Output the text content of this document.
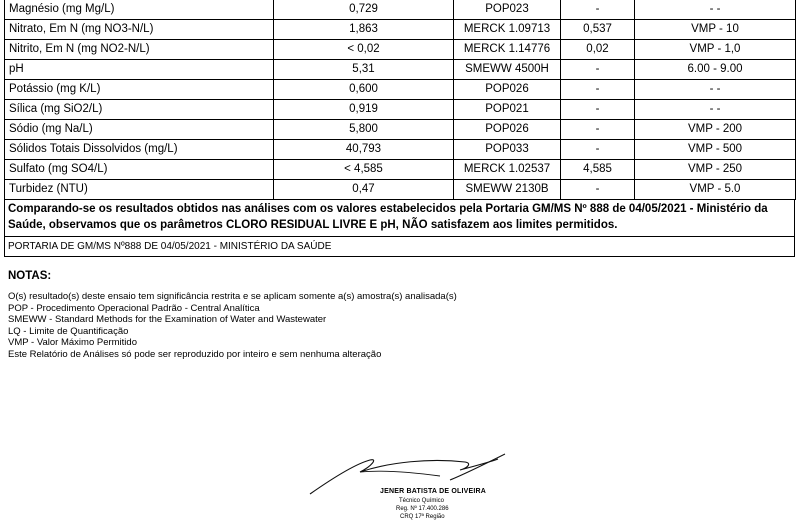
Magnésio (mg Mg/L)	0,729	POP023	-	- -
Nitrato, Em N (mg NO3-N/L)	1,863	MERCK 1.09713	0,537	VMP - 10
Nitrito, Em N (mg NO2-N/L)	< 0,02	MERCK 1.14776	0,02	VMP - 1,0
pH	5,31	SMEWW 4500H	-	6.00 - 9.00
Potássio (mg K/L)	0,600	POP026	-	- -
Sílica (mg SiO2/L)	0,919	POP021	-	- -
Sódio (mg Na/L)	5,800	POP026	-	VMP - 200
Sólidos Totais Dissolvidos (mg/L)	40,793	POP033	-	VMP - 500
Sulfato (mg SO4/L)	< 4,585	MERCK 1.02537	4,585	VMP - 250
Turbidez (NTU)	0,47	SMEWW 2130B	-	VMP - 5.0
Comparando-se os resultados obtidos nas análises com os valores estabelecidos pela Portaria GM/MS Nº 888 de 04/05/2021 - Ministério da Saúde, observamos que os parâmetros CLORO RESIDUAL LIVRE E pH, NÃO satisfazem aos limites permitidos.
PORTARIA DE GM/MS Nº888 DE 04/05/2021 - MINISTÉRIO DA SAÚDE
NOTAS:
O(s) resultado(s) deste ensaio tem significância restrita e se aplicam somente a(s) amostra(s) analisada(s)
POP - Procedimento Operacional Padrão - Central Analítica
SMEWW - Standard Methods for the Examination of Water and Wastewater
LQ - Limite de Quantificação
VMP - Valor Máximo Permitido
Este Relatório de Análises só pode ser reproduzido por inteiro e sem nenhuma alteração
JENER BATISTA DE OLIVEIRA
Técnico Químico
Reg. Nº 17.400.286
CRQ 17ª Região
